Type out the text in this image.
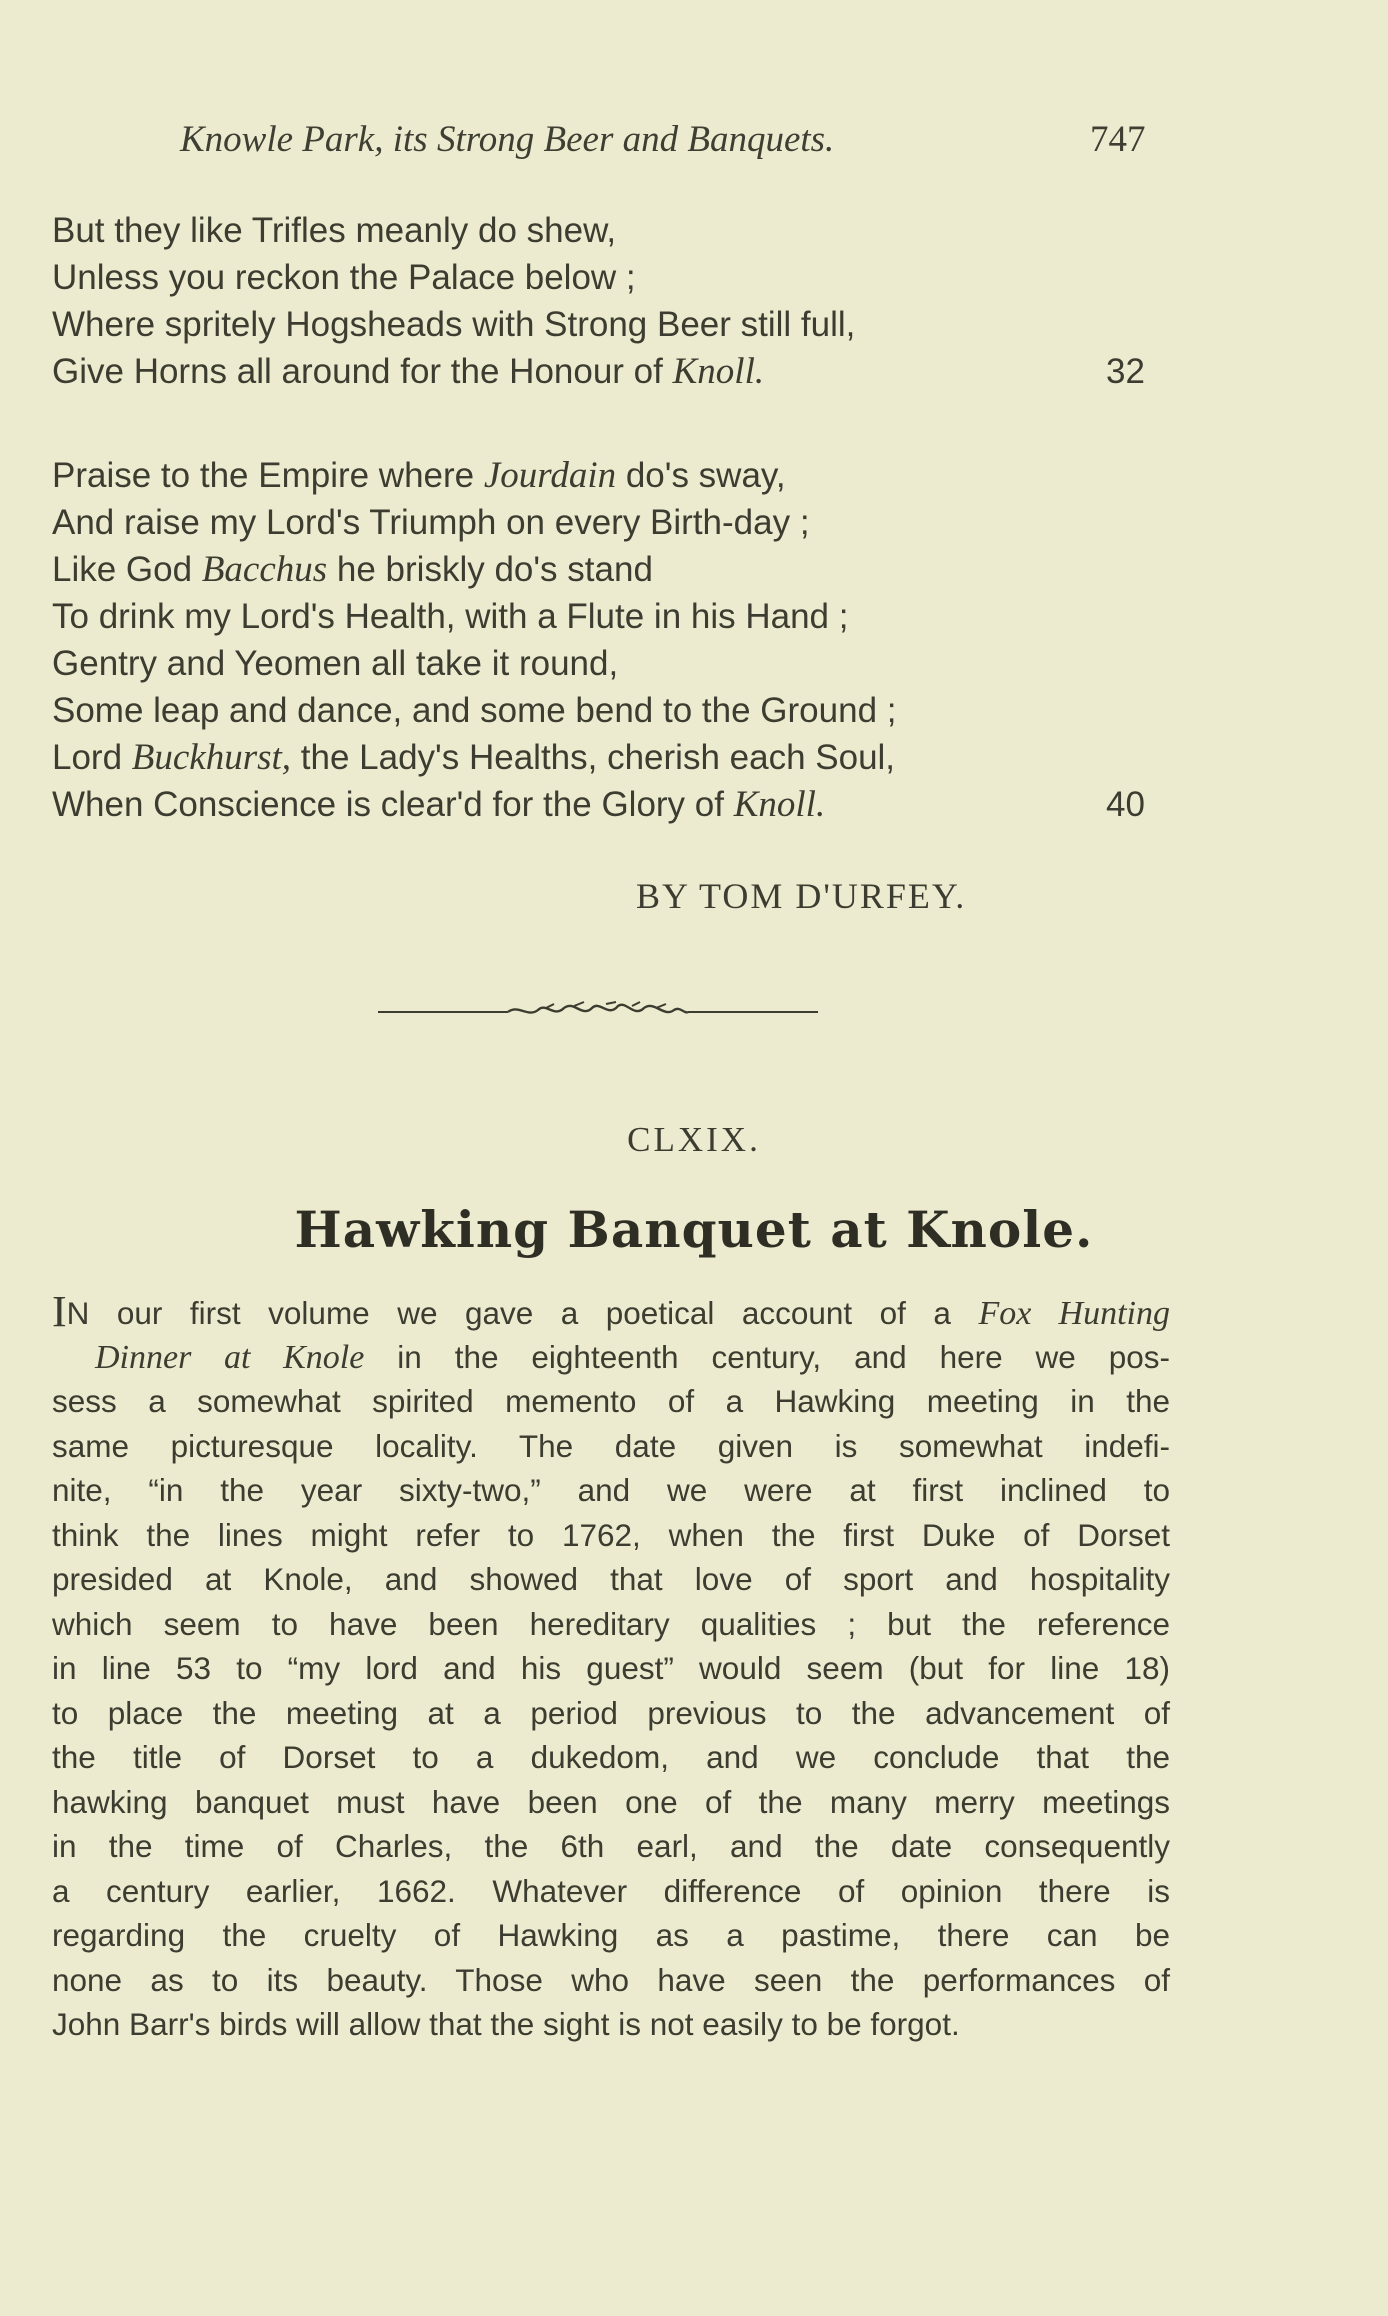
Knowle Park, its Strong Beer and Banquets.	747
But they like Trifles meanly do shew,
Unless you reckon the Palace below ;
Where spritely Hogsheads with Strong Beer still full,
Give Horns all around for the Honour of Knoll.	32
Praise to the Empire where Jourdain do's sway,
And raise my Lord's Triumph on every Birth-day ;
Like God Bacchus he briskly do's stand
To drink my Lord's Health, with a Flute in his Hand ;
Gentry and Yeomen all take it round,
Some leap and dance, and some bend to the Ground ;
Lord Buckhurst, the Lady's Healths, cherish each Soul,
When Conscience is clear'd for the Glory of Knoll.	40
BY TOM D'URFEY.
CLXIX.
Hawking Banquet at Knole.
IN our first volume we gave a poetical account of a Fox Hunting
Dinner at Knole in the eighteenth century, and here we pos-
sess a somewhat spirited memento of a Hawking meeting in the
same picturesque locality. The date given is somewhat indefi-
nite, “in the year sixty-two,” and we were at first inclined to
think the lines might refer to 1762, when the first Duke of Dorset
presided at Knole, and showed that love of sport and hospitality
which seem to have been hereditary qualities ; but the reference
in line 53 to “my lord and his guest” would seem (but for line 18)
to place the meeting at a period previous to the advancement of
the title of Dorset to a dukedom, and we conclude that the
hawking banquet must have been one of the many merry meetings
in the time of Charles, the 6th earl, and the date consequently
a century earlier, 1662. Whatever difference of opinion there is
regarding the cruelty of Hawking as a pastime, there can be
none as to its beauty. Those who have seen the performances of
John Barr's birds will allow that the sight is not easily to be forgot.
